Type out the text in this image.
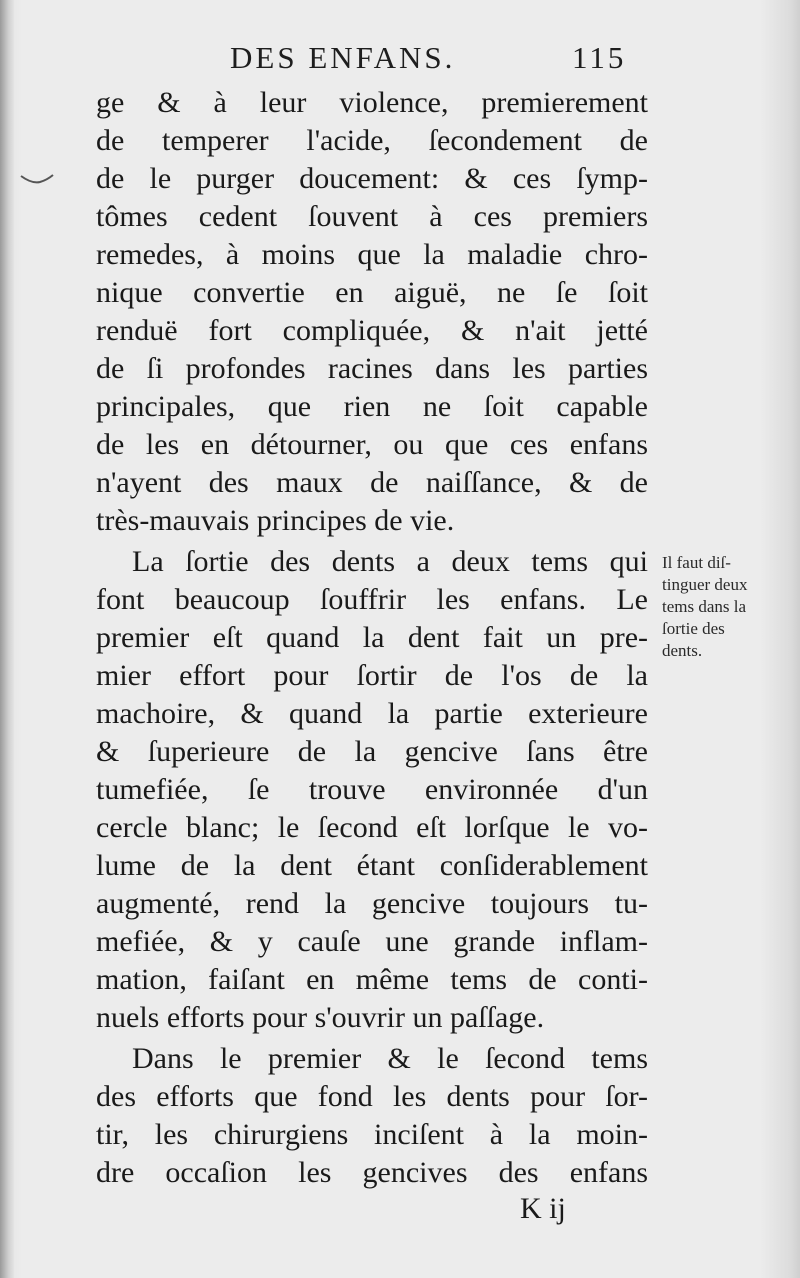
DES ENFANS.	115
ge & à leur violence, premierement
de temperer l'acide, ſecondement de
de le purger doucement: & ces ſymp-
tômes cedent ſouvent à ces premiers
remedes, à moins que la maladie chro-
nique convertie en aiguë, ne ſe ſoit
renduë fort compliquée, & n'ait jetté
de ſi profondes racines dans les parties
principales, que rien ne ſoit capable
de les en détourner, ou que ces enfans
n'ayent des maux de naiſſance, & de
très-mauvais principes de vie.
La ſortie des dents a deux tems qui
font beaucoup ſouffrir les enfans. Le
premier eſt quand la dent fait un pre-
mier effort pour ſortir de l'os de la
machoire, & quand la partie exterieure
& ſuperieure de la gencive ſans être
tumefiée, ſe trouve environnée d'un
cercle blanc; le ſecond eſt lorſque le vo-
lume de la dent étant conſiderablement
augmenté, rend la gencive toujours tu-
mefiée, & y cauſe une grande inflam-
mation, faiſant en même tems de conti-
nuels efforts pour s'ouvrir un paſſage.
Dans le premier & le ſecond tems
des efforts que fond les dents pour ſor-
tir, les chirurgiens inciſent à la moin-
dre occaſion les gencives des enfans
Il faut diſ-
tinguer deux
tems dans la
ſortie des
dents.
K ij
